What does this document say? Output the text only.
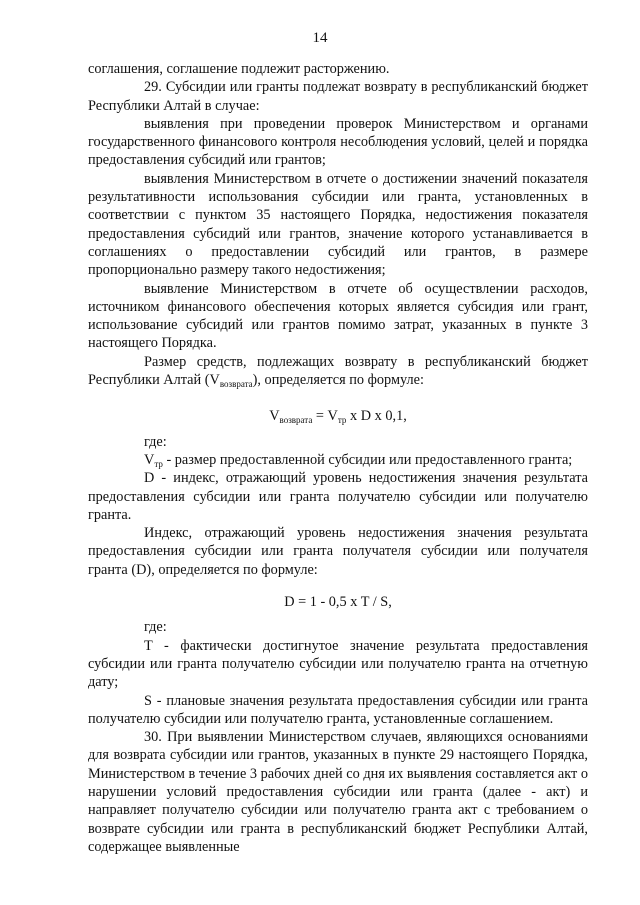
14

соглашения, соглашение подлежит расторжению.

29. Субсидии или гранты подлежат возврату в республиканский бюджет Республики Алтай в случае:

выявления при проведении проверок Министерством и органами государственного финансового контроля несоблюдения условий, целей и порядка предоставления субсидий или грантов;

выявления Министерством в отчете о достижении значений показателя результативности использования субсидии или гранта, установленных в соответствии с пунктом 35 настоящего Порядка, недостижения показателя предоставления субсидий или грантов, значение которого устанавливается в соглашениях о предоставлении субсидий или грантов, в размере пропорционально размеру такого недостижения;

выявление Министерством в отчете об осуществлении расходов, источником финансового обеспечения которых является субсидия или грант, использование субсидий или грантов помимо затрат, указанных в пункте 3 настоящего Порядка.

Размер средств, подлежащих возврату в республиканский бюджет Республики Алтай $(V_{возврата})$, определяется по формуле:

$V_{возврата} = V_{тр}$ x D x 0,1,

где:

$V_{тр}$ - размер предоставленной субсидии или предоставленного гранта;

D - индекс, отражающий уровень недостижения значения результата предоставления субсидии или гранта получателю субсидии или получателю гранта.

Индекс, отражающий уровень недостижения значения результата предоставления субсидии или гранта получателя субсидии или получателя гранта (D), определяется по формуле:

D = 1 - 0,5 x T / S,

где:

T - фактически достигнутое значение результата предоставления субсидии или гранта получателю субсидии или получателю гранта на отчетную дату;

S - плановые значения результата предоставления субсидии или гранта получателю субсидии или получателю гранта, установленные соглашением.

30. При выявлении Министерством случаев, являющихся основаниями для возврата субсидии или грантов, указанных в пункте 29 настоящего Порядка, Министерством в течение 3 рабочих дней со дня их выявления составляется акт о нарушении условий предоставления субсидии или гранта (далее - акт) и направляет получателю субсидии или получателю гранта акт с требованием о возврате субсидии или гранта в республиканский бюджет Республики Алтай, содержащее выявленные
